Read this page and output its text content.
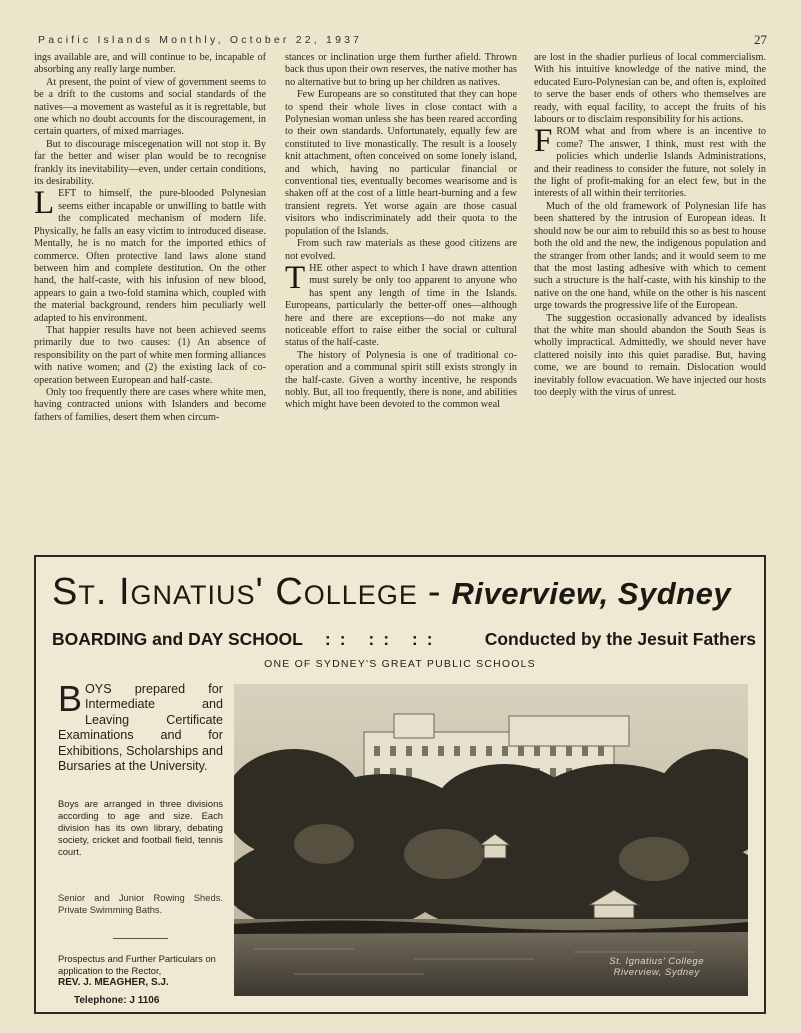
Pacific Islands Monthly, October 22, 1937	27

ings available are, and will continue to be, incapable of absorbing any really large number.

At present, the point of view of government seems to be a drift to the customs and social standards of the natives—a movement as wasteful as it is regrettable, but one which no doubt accounts for the discouragement, in certain quarters, of mixed marriages.

But to discourage miscegenation will not stop it. By far the better and wiser plan would be to recognise frankly its inevitability—even, under certain conditions, its desirability.

LEFT to himself, the pure-blooded Polynesian seems either incapable or unwilling to battle with the complicated mechanism of modern life. Physically, he falls an easy victim to introduced disease. Mentally, he is no match for the imported ethics of commerce. Often protective land laws alone stand between him and complete destitution. On the other hand, the half-caste, with his infusion of new blood, appears to gain a two-fold stamina which, coupled with the material background, renders him peculiarly well adapted to his environment.

That happier results have not been achieved seems primarily due to two causes: (1) An absence of responsibility on the part of white men forming alliances with native women; and (2) the existing lack of co-operation between European and half-caste.

Only too frequently there are cases where white men, having contracted unions with Islanders and become fathers of families, desert them when circum-

stances or inclination urge them further afield. Thrown back thus upon their own reserves, the native mother has no alternative but to bring up her children as natives.

Few Europeans are so constituted that they can hope to spend their whole lives in close contact with a Polynesian woman unless she has been reared according to their own standards. Unfortunately, equally few are constituted to live monastically. The result is a loosely knit attachment, often conceived on some lonely island, and which, having no particular financial or conventional ties, eventually becomes wearisome and is shaken off at the cost of a little heart-burning and a few transient regrets. Yet worse again are those casual visitors who indiscriminately add their quota to the population of the Islands.

From such raw materials as these good citizens are not evolved.

THE other aspect to which I have drawn attention must surely be only too apparent to anyone who has spent any length of time in the Islands. Europeans, particularly the better-off ones—although here and there are exceptions—do not make any noticeable effort to raise either the social or cultural status of the half-caste.

The history of Polynesia is one of traditional co-operation and a communal spirit still exists strongly in the half-caste. Given a worthy incentive, he responds nobly. But, all too frequently, there is none, and abilities which might have been devoted to the common weal

are lost in the shadier purlieus of local commercialism. With his intuitive knowledge of the native mind, the educated Euro-Polynesian can be, and often is, exploited to serve the baser ends of others who themselves are ready, with equal facility, to accept the fruits of his labours or to disclaim responsibility for his actions.

FROM what and from where is an incentive to come? The answer, I think, must rest with the policies which underlie Islands Administrations, and their readiness to consider the future, not solely in the light of profit-making for an elect few, but in the interests of all within their territories.

Much of the old framework of Polynesian life has been shattered by the intrusion of European ideas. It should now be our aim to rebuild this so as best to house both the old and the new, the indigenous population and the stranger from other lands; and it would seem to me that the most lasting adhesive with which to cement such a structure is the half-caste, with his kinship to the native on the one hand, while on the other is his nascent urge towards the progressive life of the European.

The suggestion occasionally advanced by idealists that the white man should abandon the South Seas is wholly impractical. Admittedly, we should never have clattered noisily into this quiet paradise. But, having come, we are bound to remain. Dislocation would inevitably follow evacuation. We have injected our hosts too deeply with the virus of unrest.

St. Ignatius' College - Riverview, Sydney
BOARDING and DAY SCHOOL :: :: :: Conducted by the Jesuit Fathers
ONE OF SYDNEY'S GREAT PUBLIC SCHOOLS
BOYS prepared for Intermediate and Leaving Certificate Examinations and for Exhibitions, Scholarships and Bursaries at the University.
Boys are arranged in three divisions according to age and size. Each division has its own library, debating society, cricket and football field, tennis court.
Senior and Junior Rowing Sheds. Private Swimming Baths.
Prospectus and Further Particulars on application to the Rector,
REV. J. MEAGHER, S.J.
Telephone: J 1106
St. Ignatius' College
Riverview, Sydney
